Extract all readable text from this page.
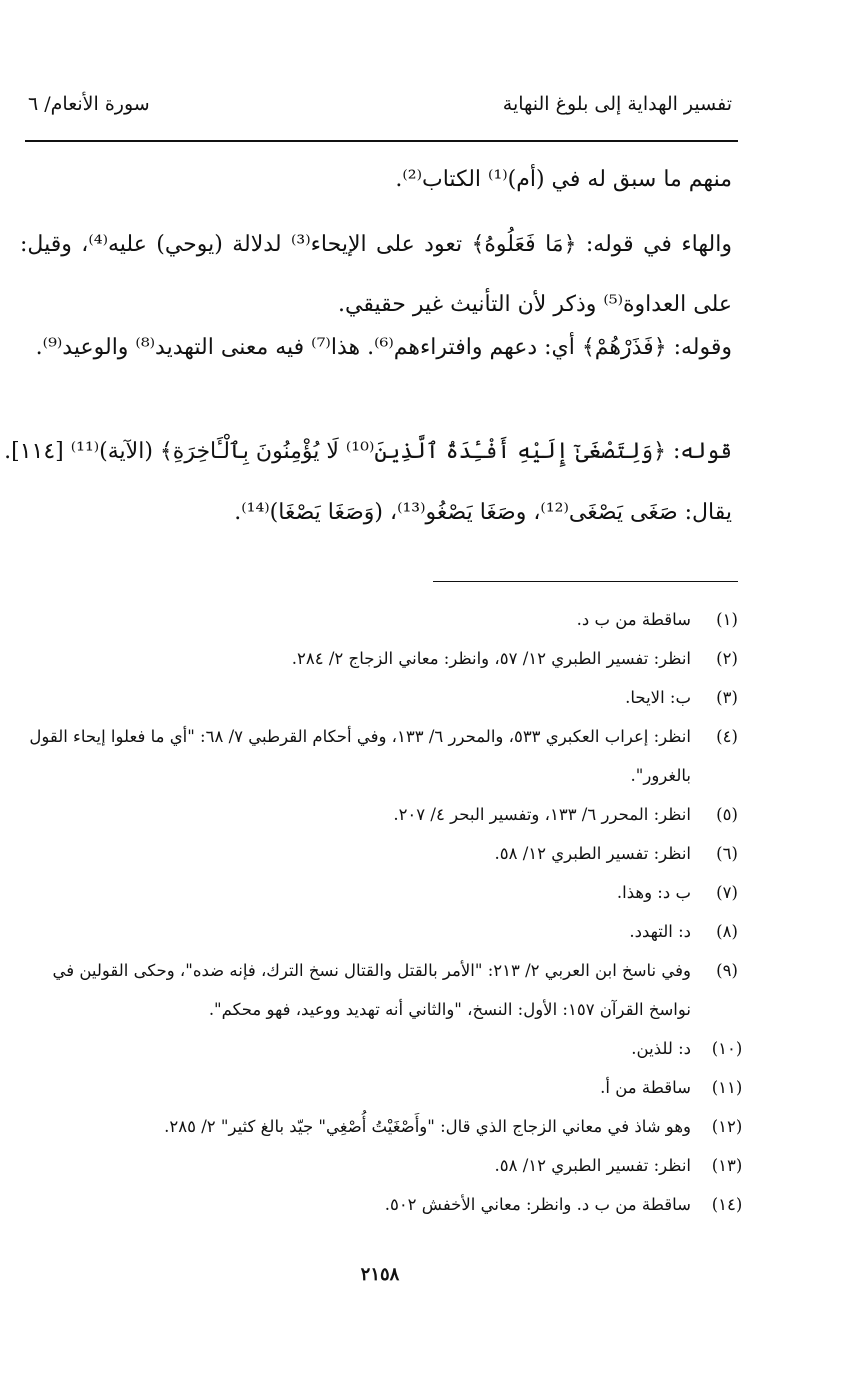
تفسير الهداية إلى بلوغ النهاية
سورة الأنعام/ ٦
منهم ما سبق له في (أم)⁽¹⁾ الكتاب⁽²⁾.
والهاء في قوله: ﴿مَا فَعَلُوهُ﴾ تعود على الإيحاء⁽³⁾ لدلالة (يوحي) عليه⁽⁴⁾، وقيل: على العداوة⁽⁵⁾ وذكر لأن التأنيث غير حقيقي.
وقوله: ﴿فَذَرْهُمْ﴾ أي: دعهم وافتراءهم⁽⁶⁾. هذا⁽⁷⁾ فيه معنى التهديد⁽⁸⁾ والوعيد⁽⁹⁾.
قوله: ﴿وَلِتَصْغَىٰٓ إِلَيْهِ أَفْـِٔدَةُ ٱلَّذِينَ⁽¹⁰⁾ لَا يُؤْمِنُونَ بِٱلْـَٔاخِرَةِ﴾ (الآية)⁽¹¹⁾ [١١٤].
يقال: صَغَى يَصْغَى⁽¹²⁾، وصَغَا يَصْغُو⁽¹³⁾، (وَصَغَا يَصْغَا)⁽¹⁴⁾.
(١)
ساقطة من ب د.
(٢)
انظر: تفسير الطبري ١٢/ ٥٧، وانظر: معاني الزجاج ٢/ ٢٨٤.
(٣)
ب: الايحا.
(٤)
انظر: إعراب العكبري ٥٣٣، والمحرر ٦/ ١٣٣، وفي أحكام القرطبي ٧/ ٦٨: "أي ما فعلوا إيحاء القول بالغرور".
(٥)
انظر: المحرر ٦/ ١٣٣، وتفسير البحر ٤/ ٢٠٧.
(٦)
انظر: تفسير الطبري ١٢/ ٥٨.
(٧)
ب د: وهذا.
(٨)
د: التهدد.
(٩)
وفي ناسخ ابن العربي ٢/ ٢١٣: "الأمر بالقتل والقتال نسخ الترك، فإنه ضده"، وحكى القولين في نواسخ القرآن ١٥٧: الأول: النسخ، "والثاني أنه تهديد ووعيد، فهو محكم".
(١٠)
د: للذين.
(١١)
ساقطة من أ.
(١٢)
وهو شاذ في معاني الزجاج الذي قال: "وأَصْغَيْتُ أُصْغِي" جيّد بالغ كثير" ٢/ ٢٨٥.
(١٣)
انظر: تفسير الطبري ١٢/ ٥٨.
(١٤)
ساقطة من ب د. وانظر: معاني الأخفش ٥٠٢.
٢١٥٨
